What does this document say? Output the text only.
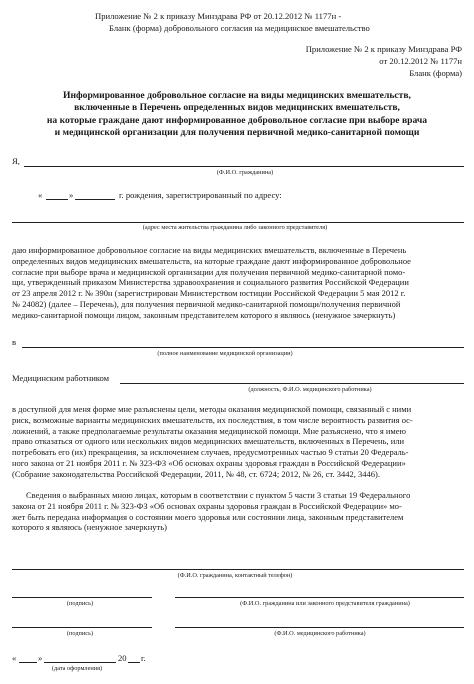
Приложение № 2 к приказу Минздрава РФ от 20.12.2012 № 1177н -
Бланк (форма) добровольного согласия на медицинское вмешательство
Приложение № 2 к приказу Минздрава РФ
от 20.12.2012 № 1177н
Бланк (форма)
Информированное добровольное согласие на виды медицинских вмешательств,
включенные в Перечень определенных видов медицинских вмешательств,
на которые граждане дают информированное добровольное согласие при выборе врача
и медицинской организации для получения первичной медико-санитарной помощи
Я,
(Ф.И.О. гражданина)
«	»	г. рождения, зарегистрированный по адресу:
(адрес места жительства гражданина либо законного представителя)
даю информированное добровольное согласие на виды медицинских вмешательств, включенные в Перечень
определенных видов медицинских вмешательств, на которые граждане дают информированное добровольное
согласие при выборе врача и медицинской организации для получения первичной медико-санитарной помо-
щи, утвержденный приказом Министерства здравоохранения и социального развития Российской Федерации
от 23 апреля 2012 г. № 390н (зарегистрирован Министерством юстиции Российской Федерации 5 мая 2012 г.
№ 24082) (далее – Перечень), для получения первичной медико-санитарной помощи/получения первичной
медико-санитарной помощи лицом, законным представителем которого я являюсь (ненужное зачеркнуть)
в
(полное наименование медицинской организации)
Медицинским работником
(должность, Ф.И.О. медицинского работника)
в доступной для меня форме мне разъяснены цели, методы оказания медицинской помощи, связанный с ними
риск, возможные варианты медицинских вмешательств, их последствия, в том числе вероятность развития ос-
ложнений, а также предполагаемые результаты оказания медицинской помощи. Мне разъяснено, что я имею
право отказаться от одного или нескольких видов медицинских вмешательств, включенных в Перечень, или
потребовать его (их) прекращения, за исключением случаев, предусмотренных частью 9 статьи 20 Федераль-
ного закона от 21 ноября 2011 г. № 323-ФЗ «Об основах охраны здоровья граждан в Российской Федерации»
(Собрание законодательства Российской Федерации, 2011, № 48, ст. 6724; 2012, № 26, ст. 3442, 3446).
Сведения о выбранных мною лицах, которым в соответствии с пунктом 5 части 3 статьи 19 Федерального
закона от 21 ноября 2011 г. № 323-ФЗ «Об основах охраны здоровья граждан в Российской Федерации» мо-
жет быть передана информация о состоянии моего здоровья или состоянии лица, законным представителем
которого я являюсь (ненужное зачеркнуть)
(Ф.И.О. гражданина, контактный телефон)
(подпись)	(Ф.И.О. гражданина или законного представителя гражданина)
(подпись)	(Ф.И.О. медицинского работника)
«	»	20 г.
(дата оформления)
